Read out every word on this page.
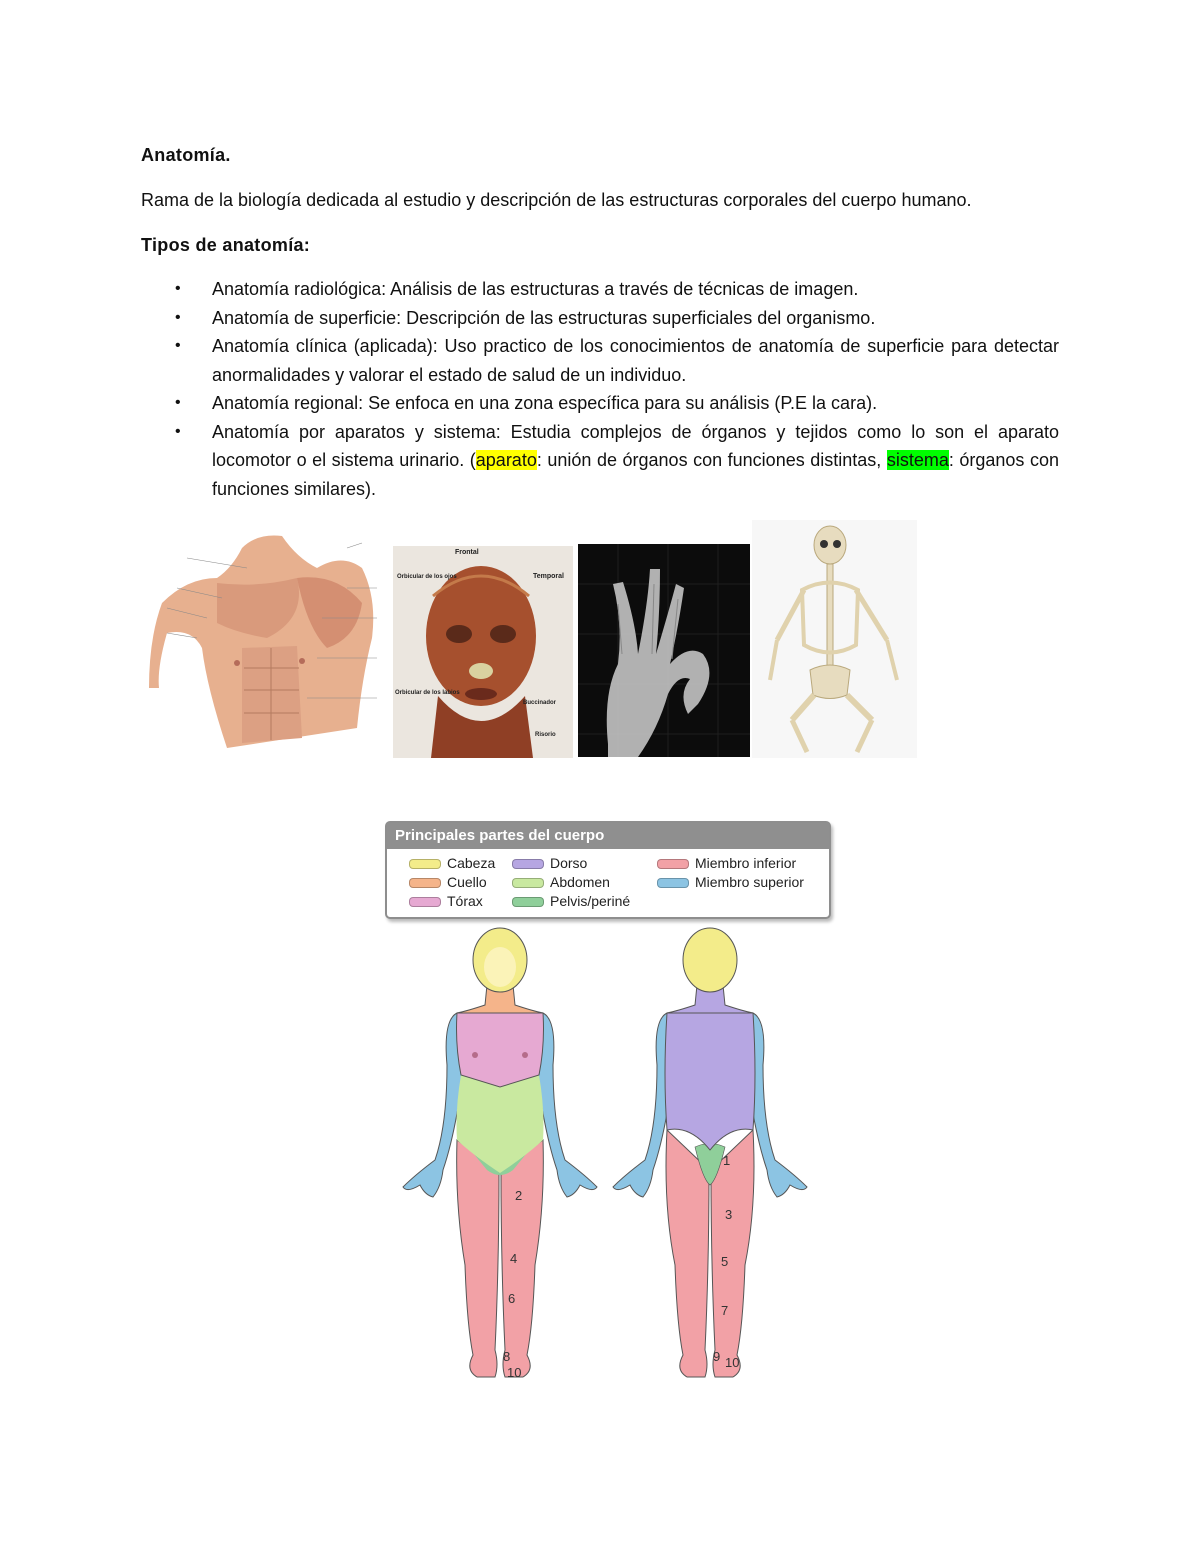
Anatomía.
Rama de la biología dedicada al estudio y descripción de las estructuras corporales del cuerpo humano.
Tipos de anatomía:
• Anatomía radiológica: Análisis de las estructuras a través de técnicas de imagen.
• Anatomía de superficie: Descripción de las estructuras superficiales del organismo.
• Anatomía clínica (aplicada): Uso practico de los conocimientos de anatomía de superficie para detectar anormalidades y valorar el estado de salud de un individuo.
• Anatomía regional: Se enfoca en una zona específica para su análisis (P.E la cara).
• Anatomía por aparatos y sistema: Estudia complejos de órganos y tejidos como lo son el aparato locomotor o el sistema urinario. (aparato: unión de órganos con funciones distintas, sistema: órganos con funciones similares).
Frontal
Temporal
Orbicular de los ojos
Orbicular de los labios
Buccinador
Risorio
Principales partes del cuerpo
Cabeza
Cuello
Tórax
Dorso
Abdomen
Pelvis/periné
Miembro inferior
Miembro superior
2
4
6
8
10
1
3
5
7
9 10
